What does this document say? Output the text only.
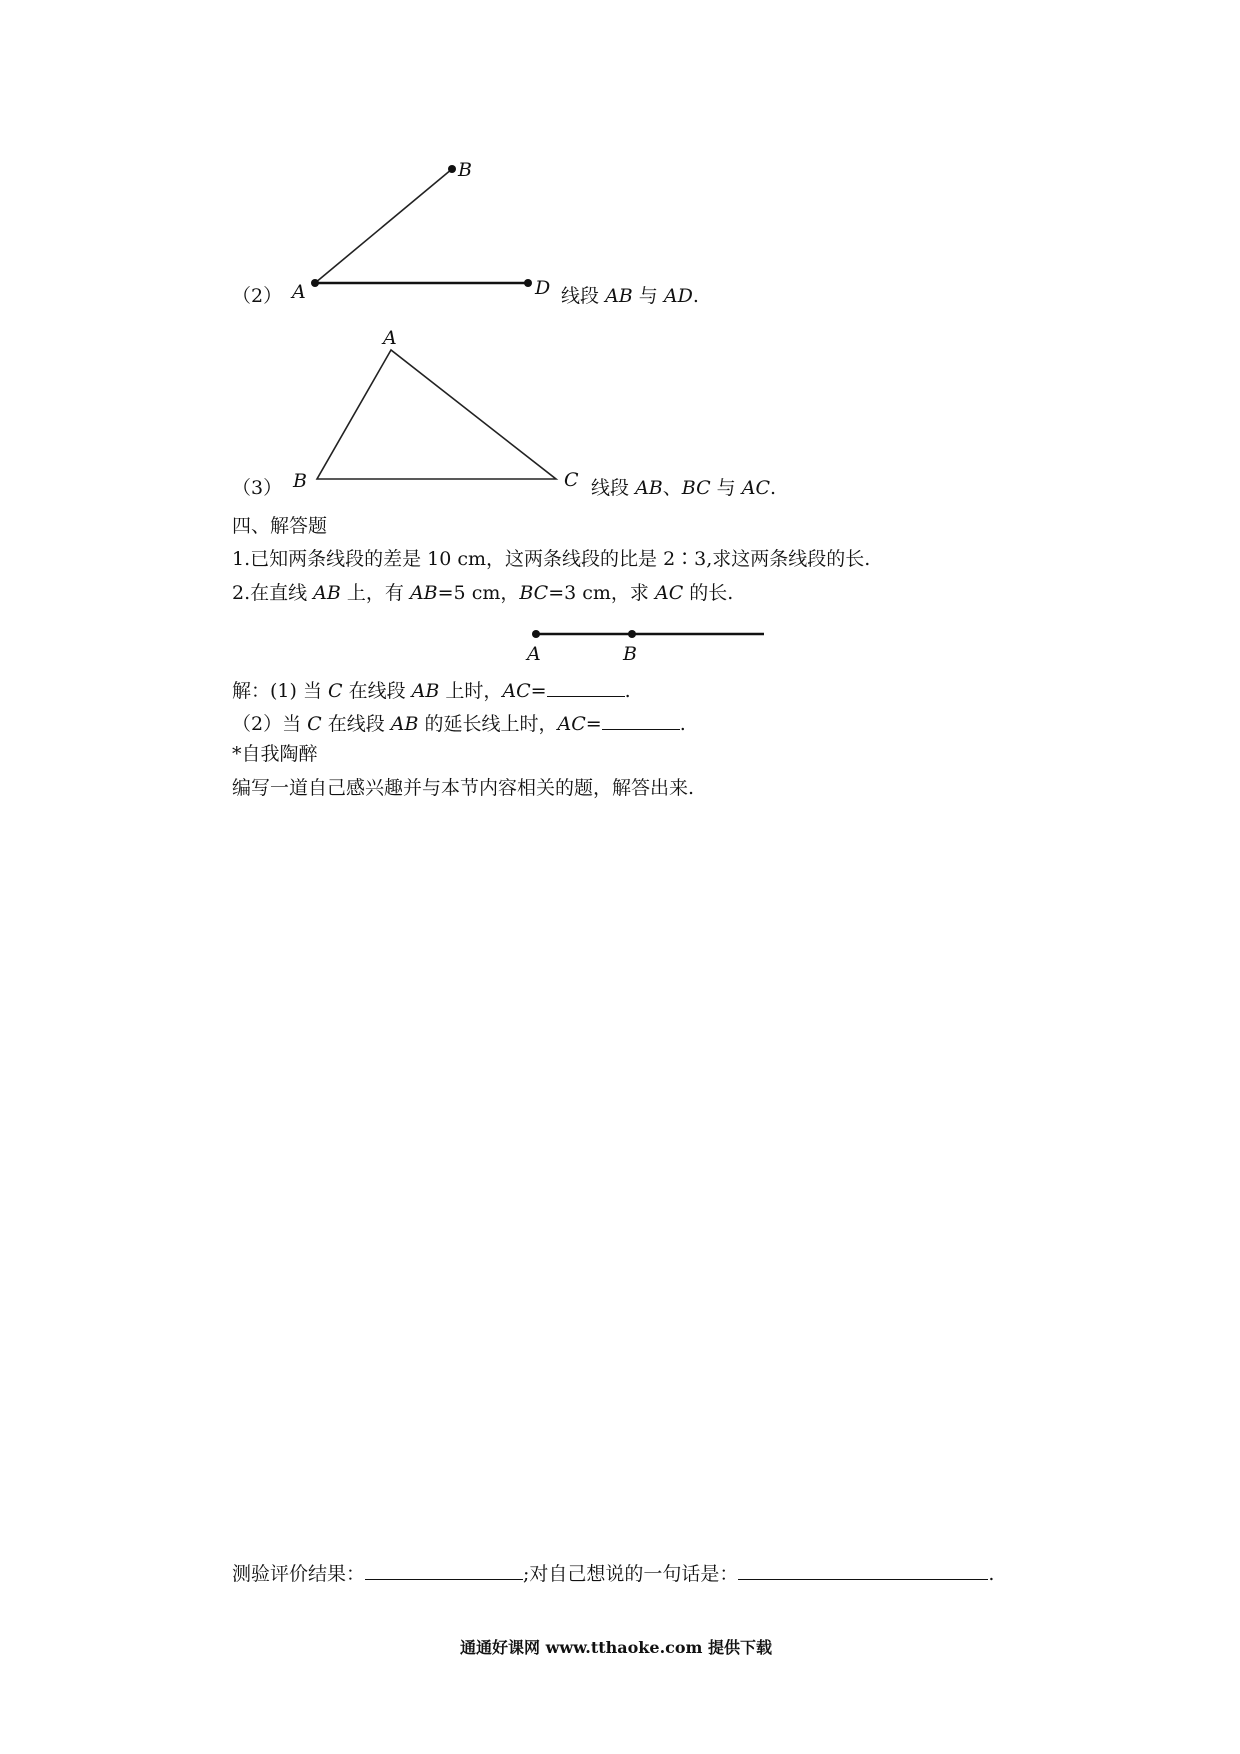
A
B
D
A
B	C
A	B
（2）	线段 AB 与 AD.
（3）	线段 AB、BC 与 AC.
四、解答题
1.已知两条线段的差是 10 cm，这两条线段的比是 2∶3,求这两条线段的长.
2.在直线 AB 上，有 AB=5 cm，BC=3 cm，求 AC 的长.
解：(1) 当 C 在线段 AB 上时，AC=	.
（2）当 C 在线段 AB 的延长线上时，AC=	.
*自我陶醉
编写一道自己感兴趣并与本节内容相关的题，解答出来.
测验评价结果：	;对自己想说的一句话是：	.
通通好课网 www.tthaoke.com 提供下载
